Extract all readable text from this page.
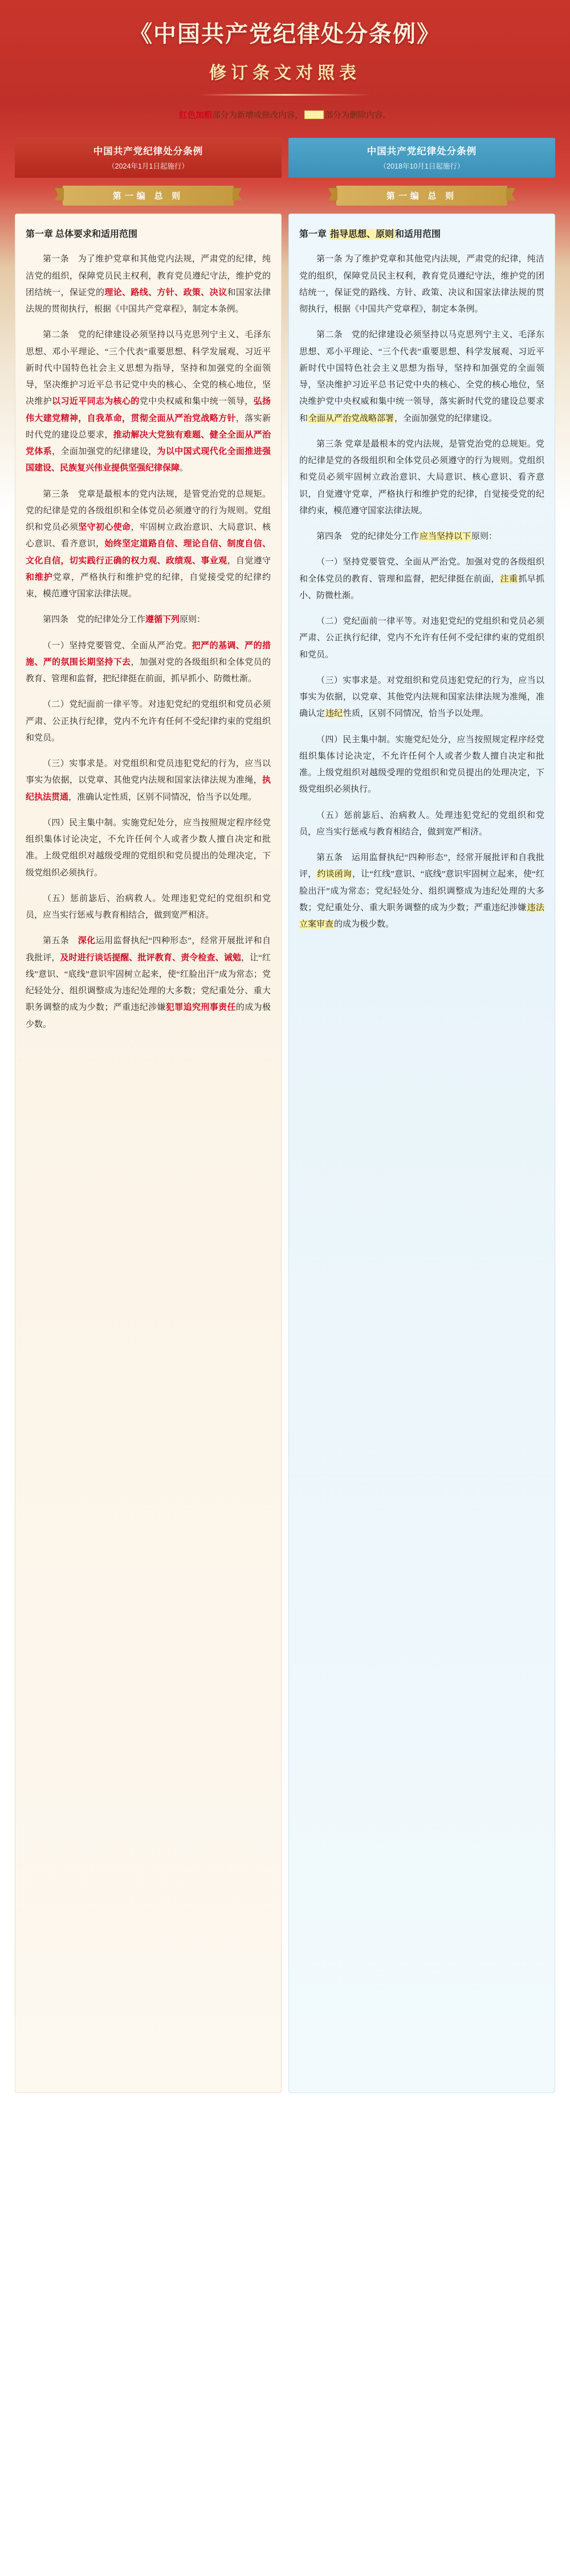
《中国共产党纪律处分条例》
修订条文对照表
红色加粗部分为新增或修改内容，	部分为删除内容。
中国共产党纪律处分条例
（2024年1月1日起施行）
第一编 总 则
第一章 总体要求和适用范围

第一条　为了维护党章和其他党内法规，严肃党的纪律，纯洁党的组织，保障党员民主权利，教育党员遵纪守法，维护党的团结统一，保证党的理论、路线、方针、政策、决议和国家法律法规的贯彻执行，根据《中国共产党章程》，制定本条例。

第二条　党的纪律建设必须坚持以马克思列宁主义、毛泽东思想、邓小平理论、“三个代表”重要思想、科学发展观、习近平新时代中国特色社会主义思想为指导，坚持和加强党的全面领导，坚决维护习近平总书记党中央的核心、全党的核心地位，坚决维护以习近平同志为核心的党中央权威和集中统一领导，弘扬伟大建党精神，自我革命，贯彻全面从严治党战略方针，落实新时代党的建设总要求，推动解决大党独有难题、健全全面从严治党体系，全面加强党的纪律建设，为以中国式现代化全面推进强国建设、民族复兴伟业提供坚强纪律保障。

第三条　党章是最根本的党内法规，是管党治党的总规矩。党的纪律是党的各级组织和全体党员必须遵守的行为规则。党组织和党员必须坚守初心使命，牢固树立政治意识、大局意识、核心意识、看齐意识，始终坚定道路自信、理论自信、制度自信、文化自信，切实践行正确的权力观、政绩观、事业观，自觉遵守和维护党章，严格执行和维护党的纪律，自觉接受党的纪律约束，模范遵守国家法律法规。

第四条　党的纪律处分工作遵循下列原则：

（一）坚持党要管党、全面从严治党。把严的基调、严的措施、严的氛围长期坚持下去，加强对党的各级组织和全体党员的教育、管理和监督，把纪律挺在前面，抓早抓小、防微杜渐。

（二）党纪面前一律平等。对违犯党纪的党组织和党员必须严肃、公正执行纪律，党内不允许有任何不受纪律约束的党组织和党员。

（三）实事求是。对党组织和党员违犯党纪的行为，应当以事实为依据，以党章、其他党内法规和国家法律法规为准绳，执纪执法贯通，准确认定性质，区别不同情况，恰当予以处理。

（四）民主集中制。实施党纪处分，应当按照规定程序经党组织集体讨论决定，不允许任何个人或者少数人擅自决定和批准。上级党组织对越级受理的党组织和党员提出的处理决定，下级党组织必须执行。

（五）惩前毖后、治病救人。处理违犯党纪的党组织和党员，应当实行惩戒与教育相结合，做到宽严相济。

第五条　深化运用监督执纪“四种形态”，经常开展批评和自我批评，及时进行谈话提醒、批评教育、责令检查、诫勉，让“红线”意识、“底线”意识牢固树立起来，使“红脸出汗”成为常态；党纪轻处分、组织调整成为违纪处理的大多数；党纪重处分、重大职务调整的成为少数；严重违纪涉嫌犯罪追究刑事责任的成为极少数。

中国共产党纪律处分条例
（2018年10月1日起施行）
第一编 总 则
第一章 指导思想、原则 和适用范围

第一条 为了维护党章和其他党内法规，严肃党的纪律，纯洁党的组织，保障党员民主权利，教育党员遵纪守法，维护党的团结统一，保证党的路线、方针、政策、决议和国家法律法规的贯彻执行，根据《中国共产党章程》，制定本条例。

第二条　党的纪律建设必须坚持以马克思列宁主义、毛泽东思想、邓小平理论、“三个代表”重要思想、科学发展观、习近平新时代中国特色社会主义思想为指导，坚持和加强党的全面领导，坚决维护习近平总书记党中央的核心、全党的核心地位，坚决维护党中央权威和集中统一领导，落实新时代党的建设总要求和全面从严治党战略部署，全面加强党的纪律建设。

第三条 党章是最根本的党内法规，是管党治党的总规矩。党的纪律是党的各级组织和全体党员必须遵守的行为规则。党组织和党员必须牢固树立政治意识、大局意识、核心意识、看齐意识，自觉遵守党章，严格执行和维护党的纪律，自觉接受党的纪律约束，模范遵守国家法律法规。

第四条　党的纪律处分工作应当坚持以下原则：

（一）坚持党要管党、全面从严治党。加强对党的各级组织和全体党员的教育、管理和监督，把纪律挺在前面，注重抓早抓小、防微杜渐。

（二）党纪面前一律平等。对违犯党纪的党组织和党员必须严肃、公正执行纪律，党内不允许有任何不受纪律约束的党组织和党员。

（三）实事求是。对党组织和党员违犯党纪的行为，应当以事实为依据，以党章、其他党内法规和国家法律法规为准绳，准确认定违纪性质，区别不同情况，恰当予以处理。

（四）民主集中制。实施党纪处分，应当按照规定程序经党组织集体讨论决定，不允许任何个人或者少数人擅自决定和批准。上级党组织对越级受理的党组织和党员提出的处理决定，下级党组织必须执行。

（五）惩前毖后、治病救人。处理违犯党纪的党组织和党员，应当实行惩戒与教育相结合，做到宽严相济。

第五条　运用监督执纪“四种形态”，经常开展批评和自我批评，约谈函询，让“红线”意识、“底线”意识牢固树立起来，使“红脸出汗”成为常态；党纪轻处分、组织调整成为违纪处理的大多数；党纪重处分、重大职务调整的成为少数；严重违纪涉嫌违法立案审查的成为极少数。
